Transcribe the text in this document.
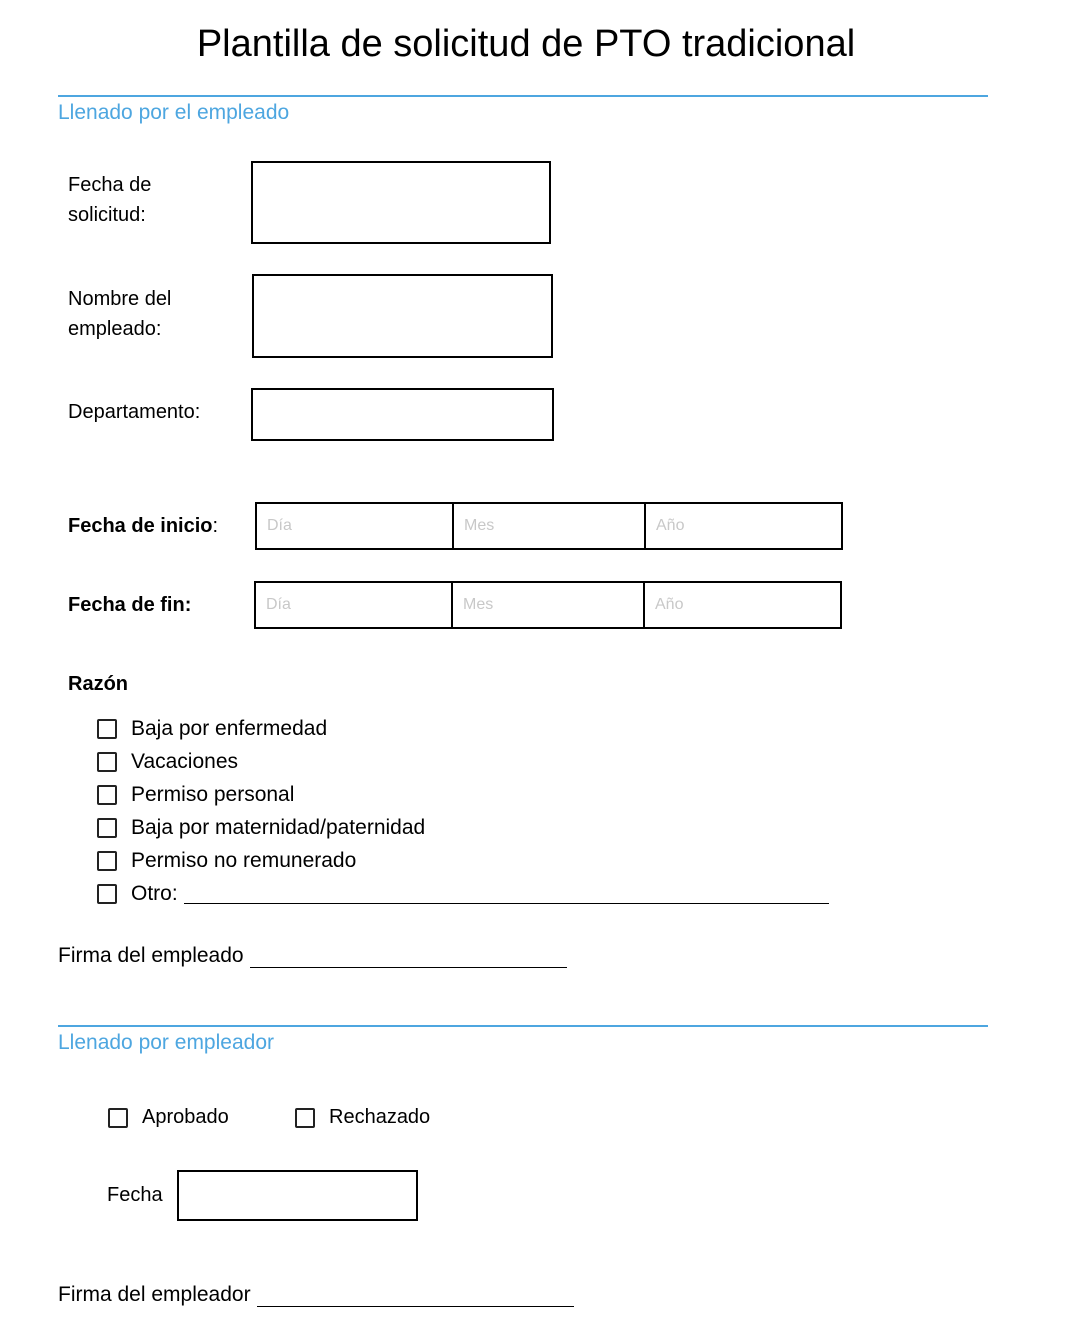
Plantilla de solicitud de PTO tradicional
Llenado por el empleado
Fecha de
solicitud:
Nombre del
empleado:
Departamento:
Fecha de inicio:
Día
Mes
Año
Fecha de fin:
Día
Mes
Año
Razón
Baja por enfermedad
Vacaciones
Permiso personal
Baja por maternidad/paternidad
Permiso no remunerado
Otro:
Firma del empleado
Llenado por empleador
Aprobado	Rechazado
Fecha
Firma del empleador
